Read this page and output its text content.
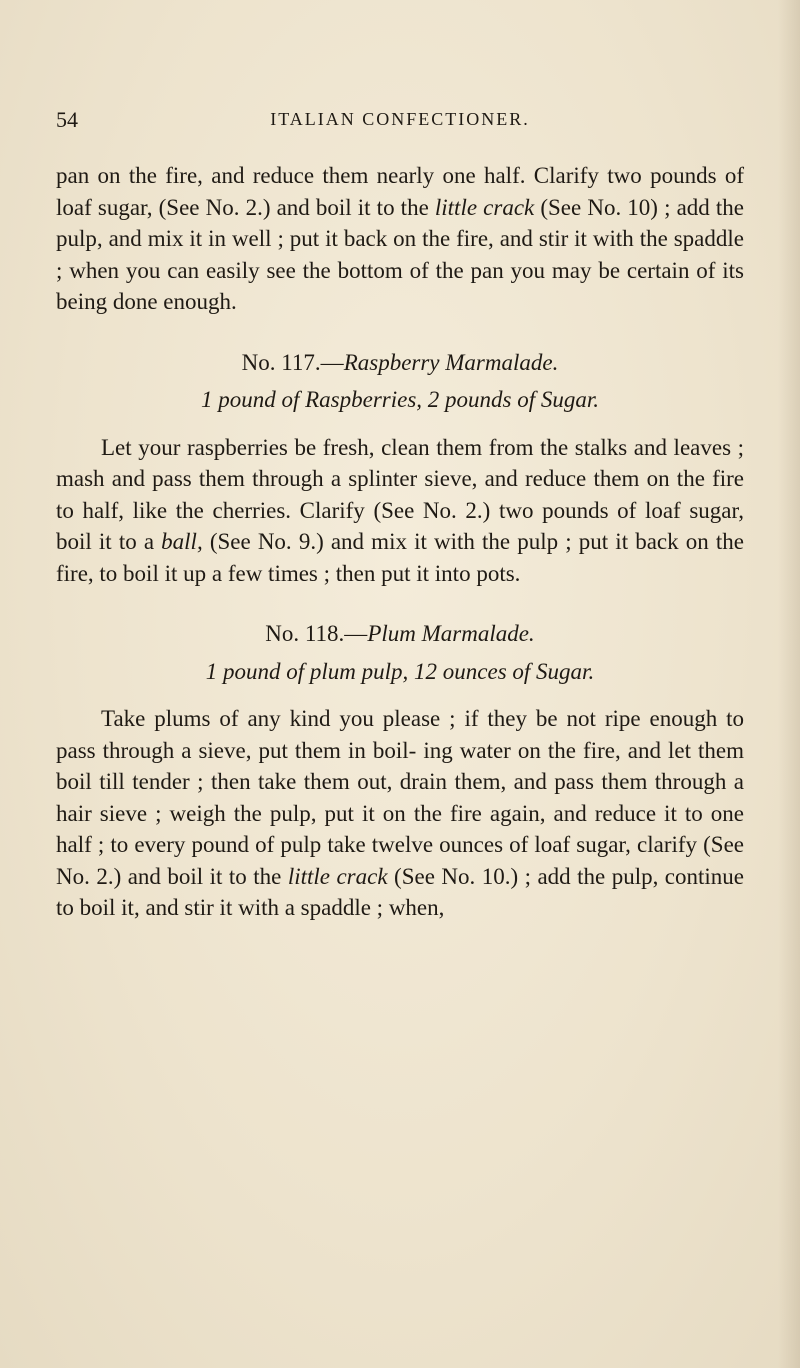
54	ITALIAN CONFECTIONER.

pan on the fire, and reduce them nearly one half. Clarify two pounds of loaf sugar, (See No. 2.) and boil it to the little crack (See No. 10) ; add the pulp, and mix it in well ; put it back on the fire, and stir it with the spaddle ; when you can easily see the bottom of the pan you may be certain of its being done enough.

No. 117.—Raspberry Marmalade.

1 pound of Raspberries, 2 pounds of Sugar.

Let your raspberries be fresh, clean them from the stalks and leaves ; mash and pass them through a splinter sieve, and reduce them on the fire to half, like the cherries. Clarify (See No. 2.) two pounds of loaf sugar, boil it to a ball, (See No. 9.) and mix it with the pulp ; put it back on the fire, to boil it up a few times ; then put it into pots.

No. 118.—Plum Marmalade.

1 pound of plum pulp, 12 ounces of Sugar.

Take plums of any kind you please ; if they be not ripe enough to pass through a sieve, put them in boil- ing water on the fire, and let them boil till tender ; then take them out, drain them, and pass them through a hair sieve ; weigh the pulp, put it on the fire again, and reduce it to one half ; to every pound of pulp take twelve ounces of loaf sugar, clarify (See No. 2.) and boil it to the little crack (See No. 10.) ; add the pulp, continue to boil it, and stir it with a spaddle ; when,
